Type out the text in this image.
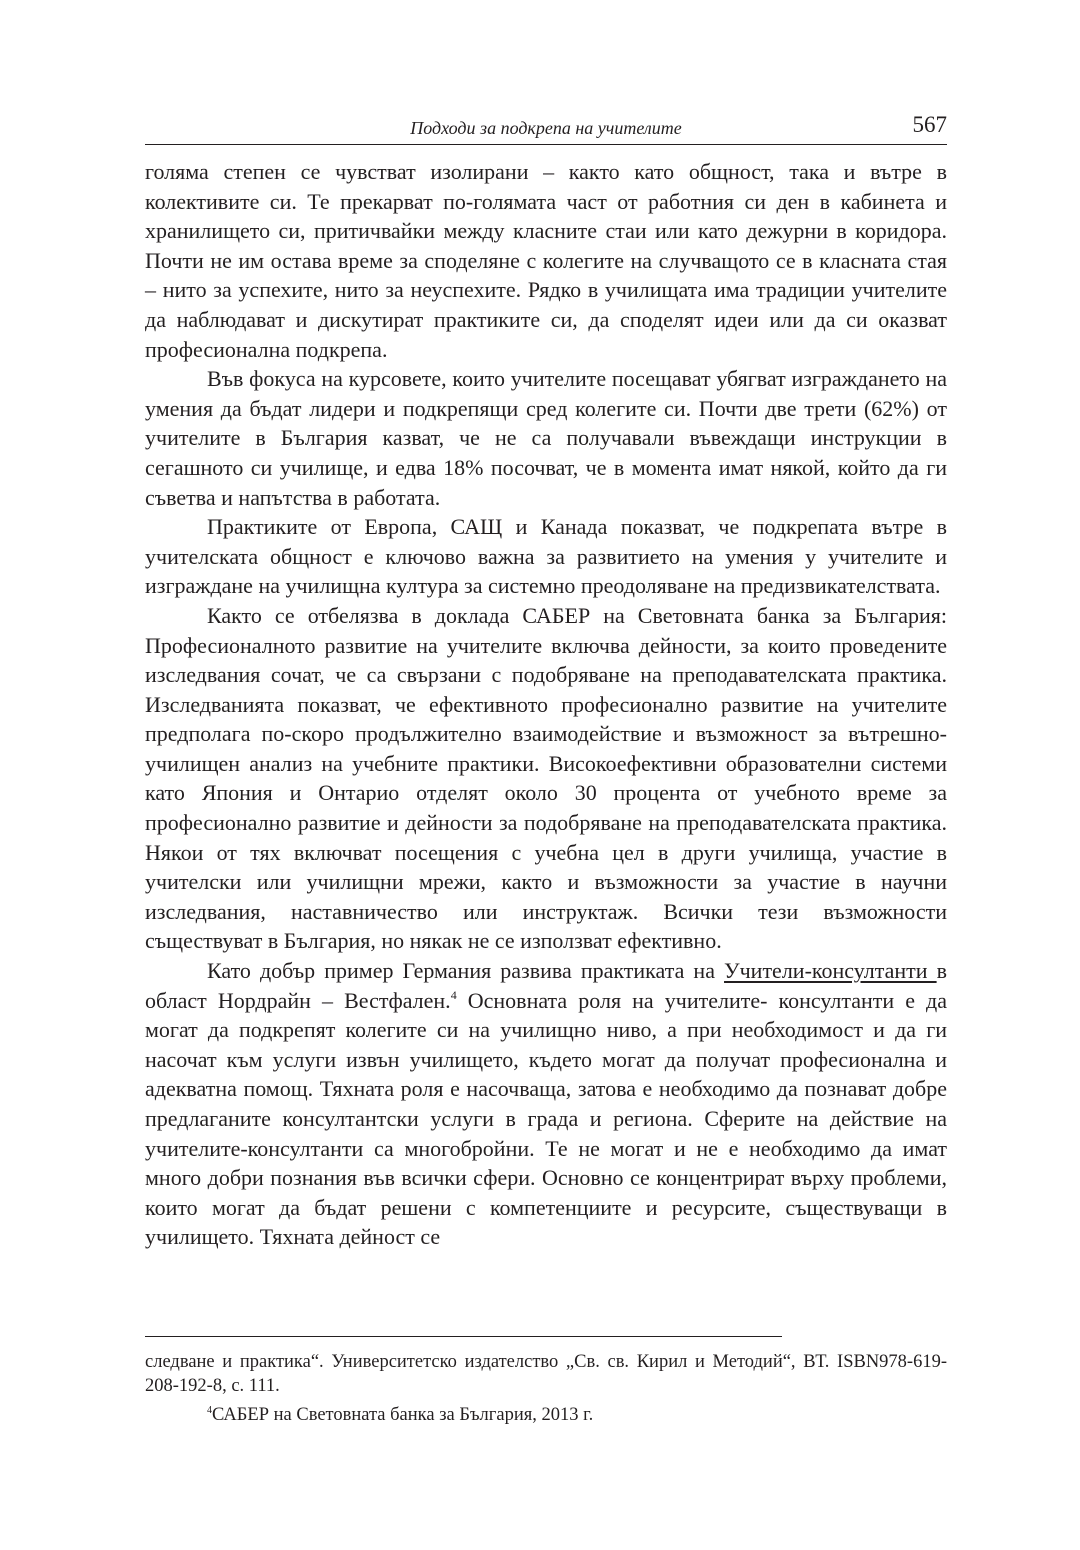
Подходи за подкрепа на учителите	567

голяма степен се чувстват изолирани – както като общност, така и вътре в колективите си. Те прекарват по-голямата част от работния си ден в кабинета и хранилището си, притичвайки между класните стаи или като дежурни в коридора. Почти не им остава време за споделяне с колегите на случващото се в класната стая – нито за успехите, нито за неуспехите. Рядко в училищата има традиции учителите да наблюдават и дискутират практиките си, да споделят идеи или да си оказват професионална подкрепа.

Във фокуса на курсовете, които учителите посещават убягват изграждането на умения да бъдат лидери и подкрепящи сред колегите си. Почти две трети (62%) от учителите в България казват, че не са получавали въвеждащи инструкции в сегашното си училище, и едва 18% посочват, че в момента имат някой, който да ги съветва и напътства в работата.

Практиките от Европа, САЩ и Канада показват, че подкрепата вътре в учителската общност е ключово важна за развитието на умения у учителите и изграждане на училищна култура за системно преодоляване на предизвикателствата.

Както се отбелязва в доклада САБЕР на Световната банка за България: Професионалното развитие на учителите включва дейности, за които проведените изследвания сочат, че са свързани с подобряване на преподавателската практика. Изследванията показват, че ефективното професионално развитие на учителите предполага по-скоро продължително взаимодействие и възможност за вътрешно-училищен анализ на учебните практики. Високоефективни образователни системи като Япония и Онтарио отделят около 30 процента от учебното време за професионално развитие и дейности за подобряване на преподавателската практика. Някои от тях включват посещения с учебна цел в други училища, участие в учителски или училищни мрежи, както и възможности за участие в научни изследвания, наставничество или инструктаж. Всички тези възможности съществуват в България, но някак не се използват ефективно.

Като добър пример Германия развива практиката на Учители-консултанти в област Нордрайн – Вестфален.$^4$ Основната роля на учителите- консултанти е да могат да подкрепят колегите си на училищно ниво, а при необходимост и да ги насочат към услуги извън училището, където могат да получат професионална и адекватна помощ. Тяхната роля е насочваща, затова е необходимо да познават добре предлаганите консултантски услуги в града и региона. Сферите на действие на учителите-консултанти са многобройни. Те не могат и не е необходимо да имат много добри познания във всички сфери. Основно се концентрират върху проблеми, които могат да бъдат решени с компетенциите и ресурсите, съществуващи в училището. Тяхната дейност се

следване и практика“. Университетско издателство „Св. св. Кирил и Методий“, ВТ. ISBN978-619-208-192-8, с. 111.

$^4$САБЕР на Световната банка за България, 2013 г.
